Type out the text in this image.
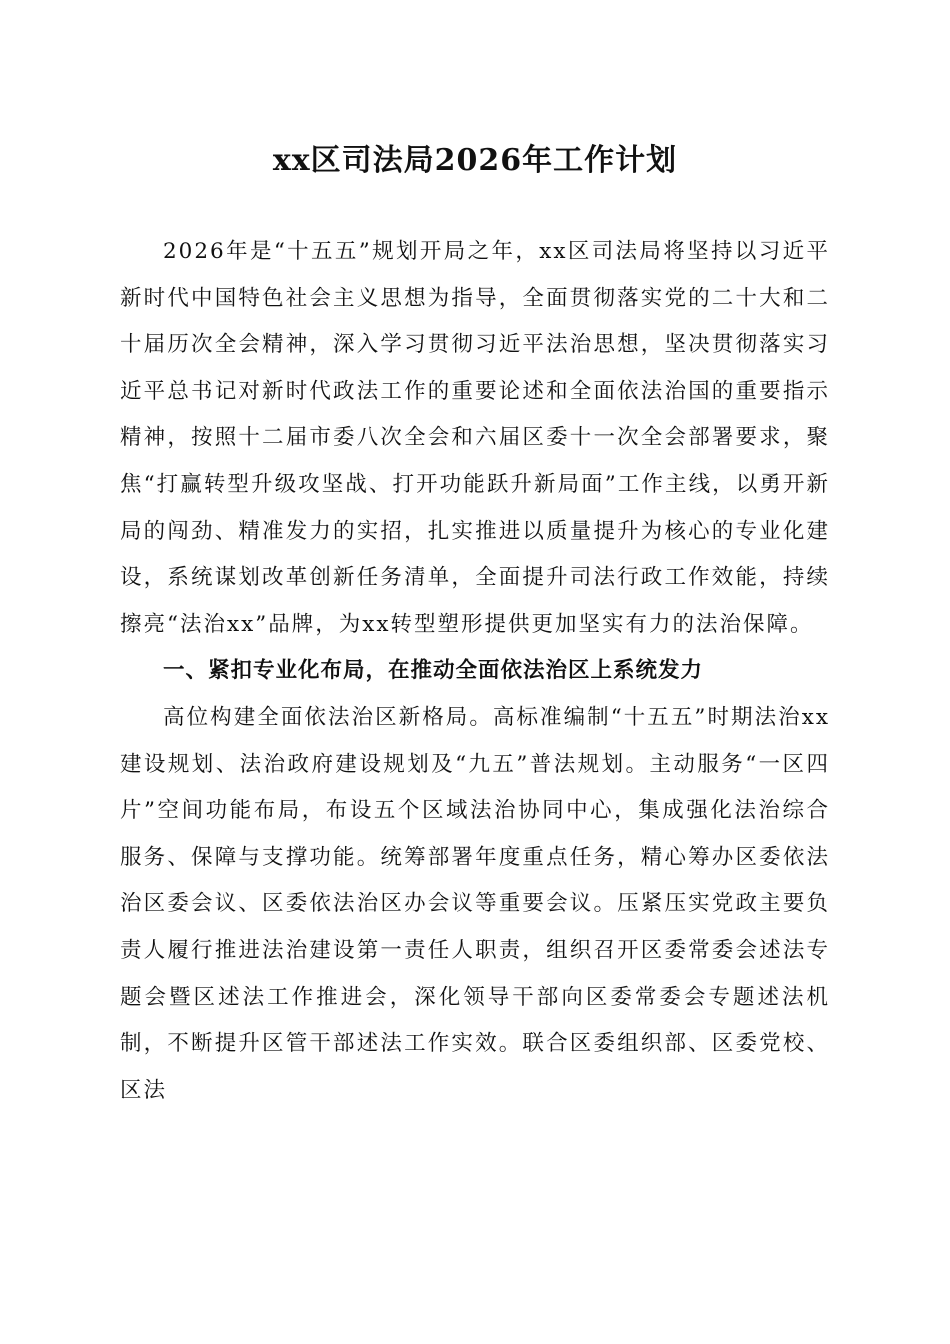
xx区司法局2026年工作计划

2026年是“十五五”规划开局之年，xx区司法局将坚持以习近平新时代中国特色社会主义思想为指导，全面贯彻落实党的二十大和二十届历次全会精神，深入学习贯彻习近平法治思想，坚决贯彻落实习近平总书记对新时代政法工作的重要论述和全面依法治国的重要指示精神，按照十二届市委八次全会和六届区委十一次全会部署要求，聚焦“打赢转型升级攻坚战、打开功能跃升新局面”工作主线，以勇开新局的闯劲、精准发力的实招，扎实推进以质量提升为核心的专业化建设，系统谋划改革创新任务清单，全面提升司法行政工作效能，持续擦亮“法治xx”品牌，为xx转型塑形提供更加坚实有力的法治保障。

一、紧扣专业化布局，在推动全面依法治区上系统发力

高位构建全面依法治区新格局。高标准编制“十五五”时期法治xx建设规划、法治政府建设规划及“九五”普法规划。主动服务“一区四片”空间功能布局，布设五个区域法治协同中心，集成强化法治综合服务、保障与支撑功能。统筹部署年度重点任务，精心筹办区委依法治区委会议、区委依法治区办会议等重要会议。压紧压实党政主要负责人履行推进法治建设第一责任人职责，组织召开区委常委会述法专题会暨区述法工作推进会，深化领导干部向区委常委会专题述法机制，不断提升区管干部述法工作实效。联合区委组织部、区委党校、区法
